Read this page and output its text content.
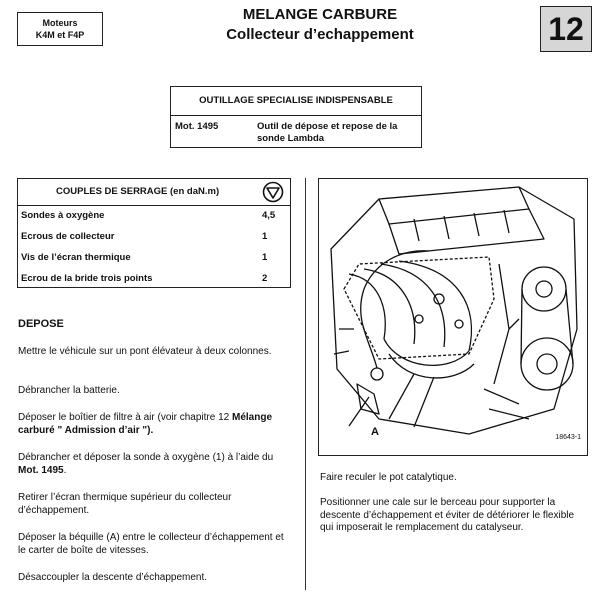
Moteurs
K4M et F4P
MELANGE CARBURE
Collecteur d’echappement	12
OUTILLAGE SPECIALISE INDISPENSABLE
Mot. 1495	Outil de dépose et repose de la sonde Lambda
COUPLES DE SERRAGE (en daN.m)
Sondes à oxygène	4,5
Ecrous de collecteur	1
Vis de l’écran thermique	1
Ecrou de la bride trois points	2
DEPOSE
Mettre le véhicule sur un pont élévateur à deux colonnes.
Débrancher la batterie.
Déposer le boîtier de filtre à air (voir chapitre 12 Mélange carburé " Admission d’air ").
Débrancher et déposer la sonde à oxygène (1) à l’aide du Mot. 1495.
Retirer l’écran thermique supérieur du collecteur d’échappement.
Déposer la béquille (A) entre le collecteur d’échappement et le carter de boîte de vitesses.
Désaccoupler la descente d’échappement.
A	18643-1
Faire reculer le pot catalytique.
Positionner une cale sur le berceau pour supporter la descente d’échappement et éviter de détériorer le flexible qui imposerait le remplacement du catalyseur.
